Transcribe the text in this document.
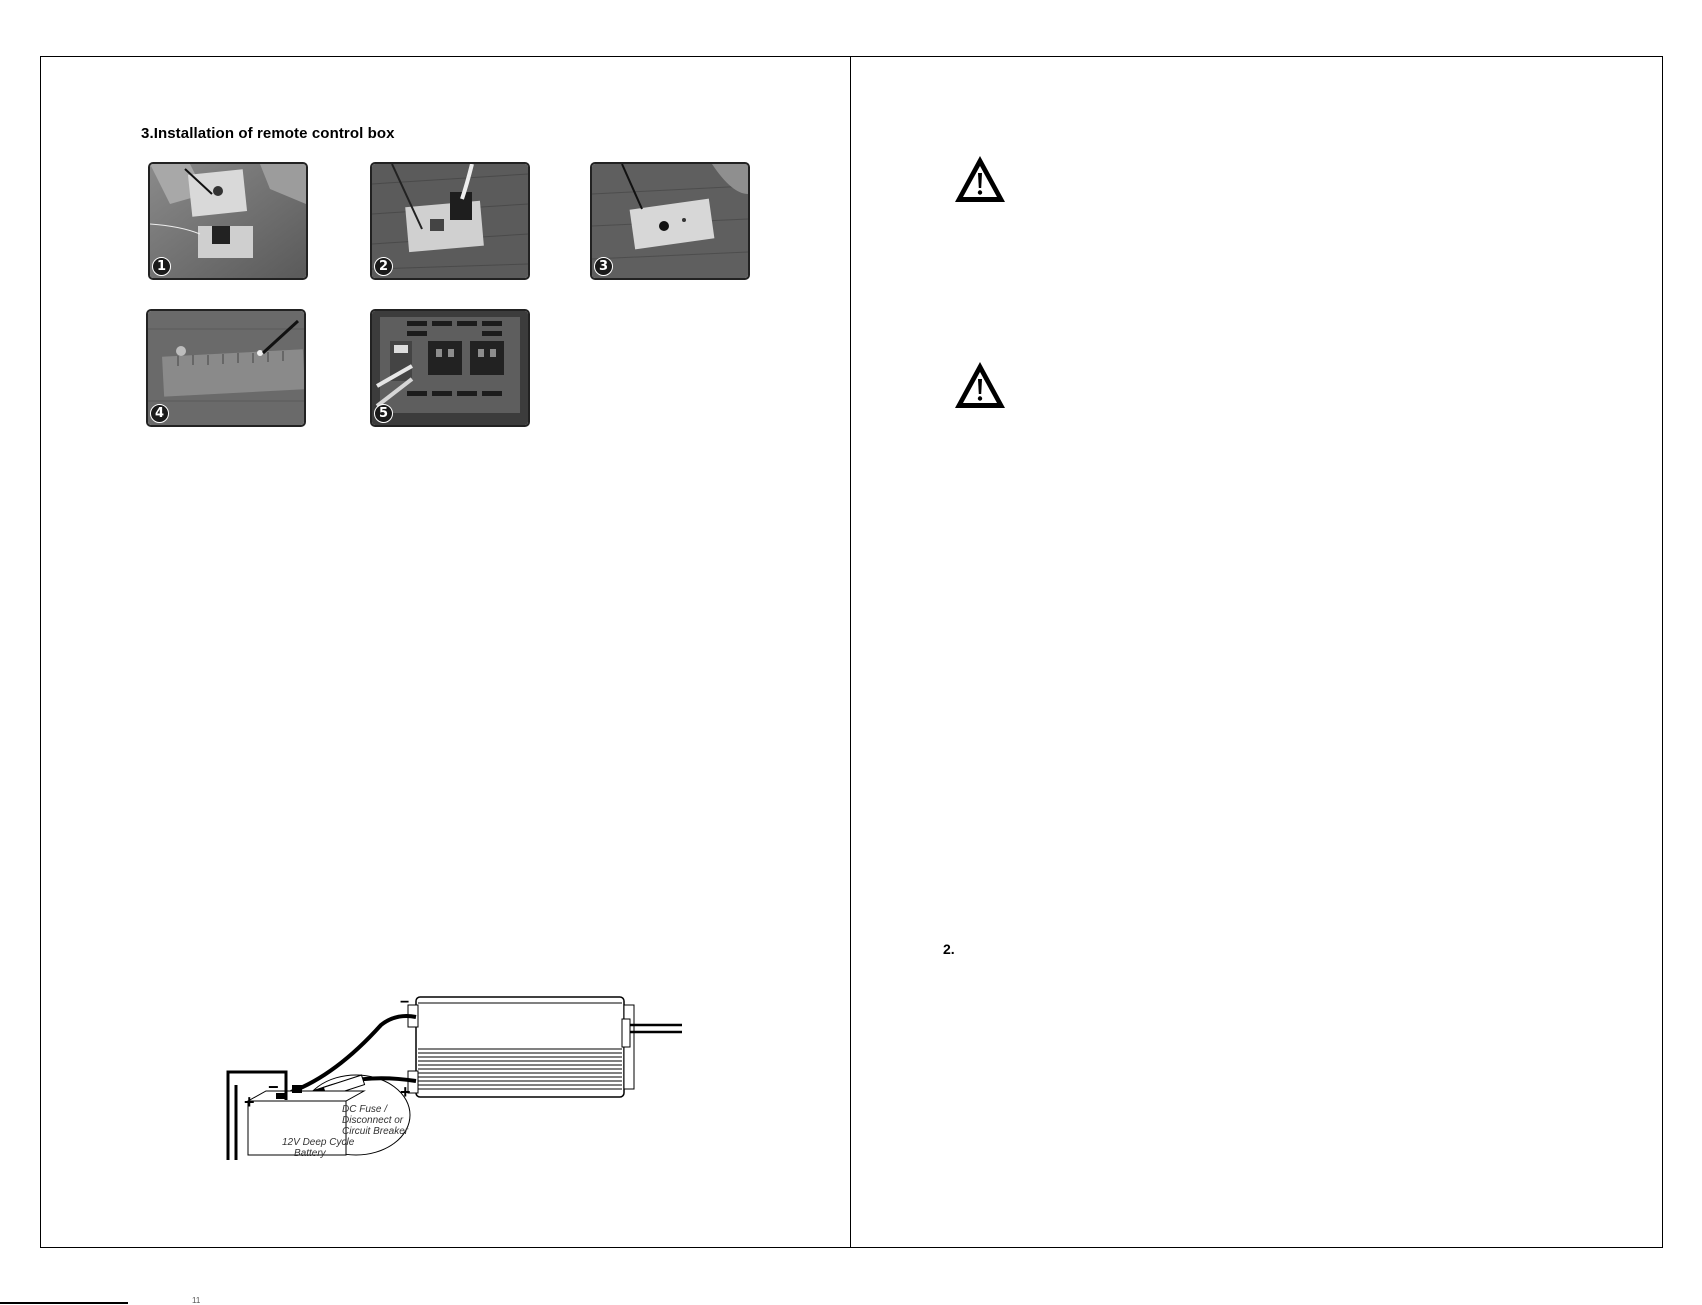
3.Installation of remote control box
1	2	3
4	5
−
+
−
+	DC Fuse /
Disconnect or
Circuit Breaker
12V Deep Cycle
Battery
2.
11
